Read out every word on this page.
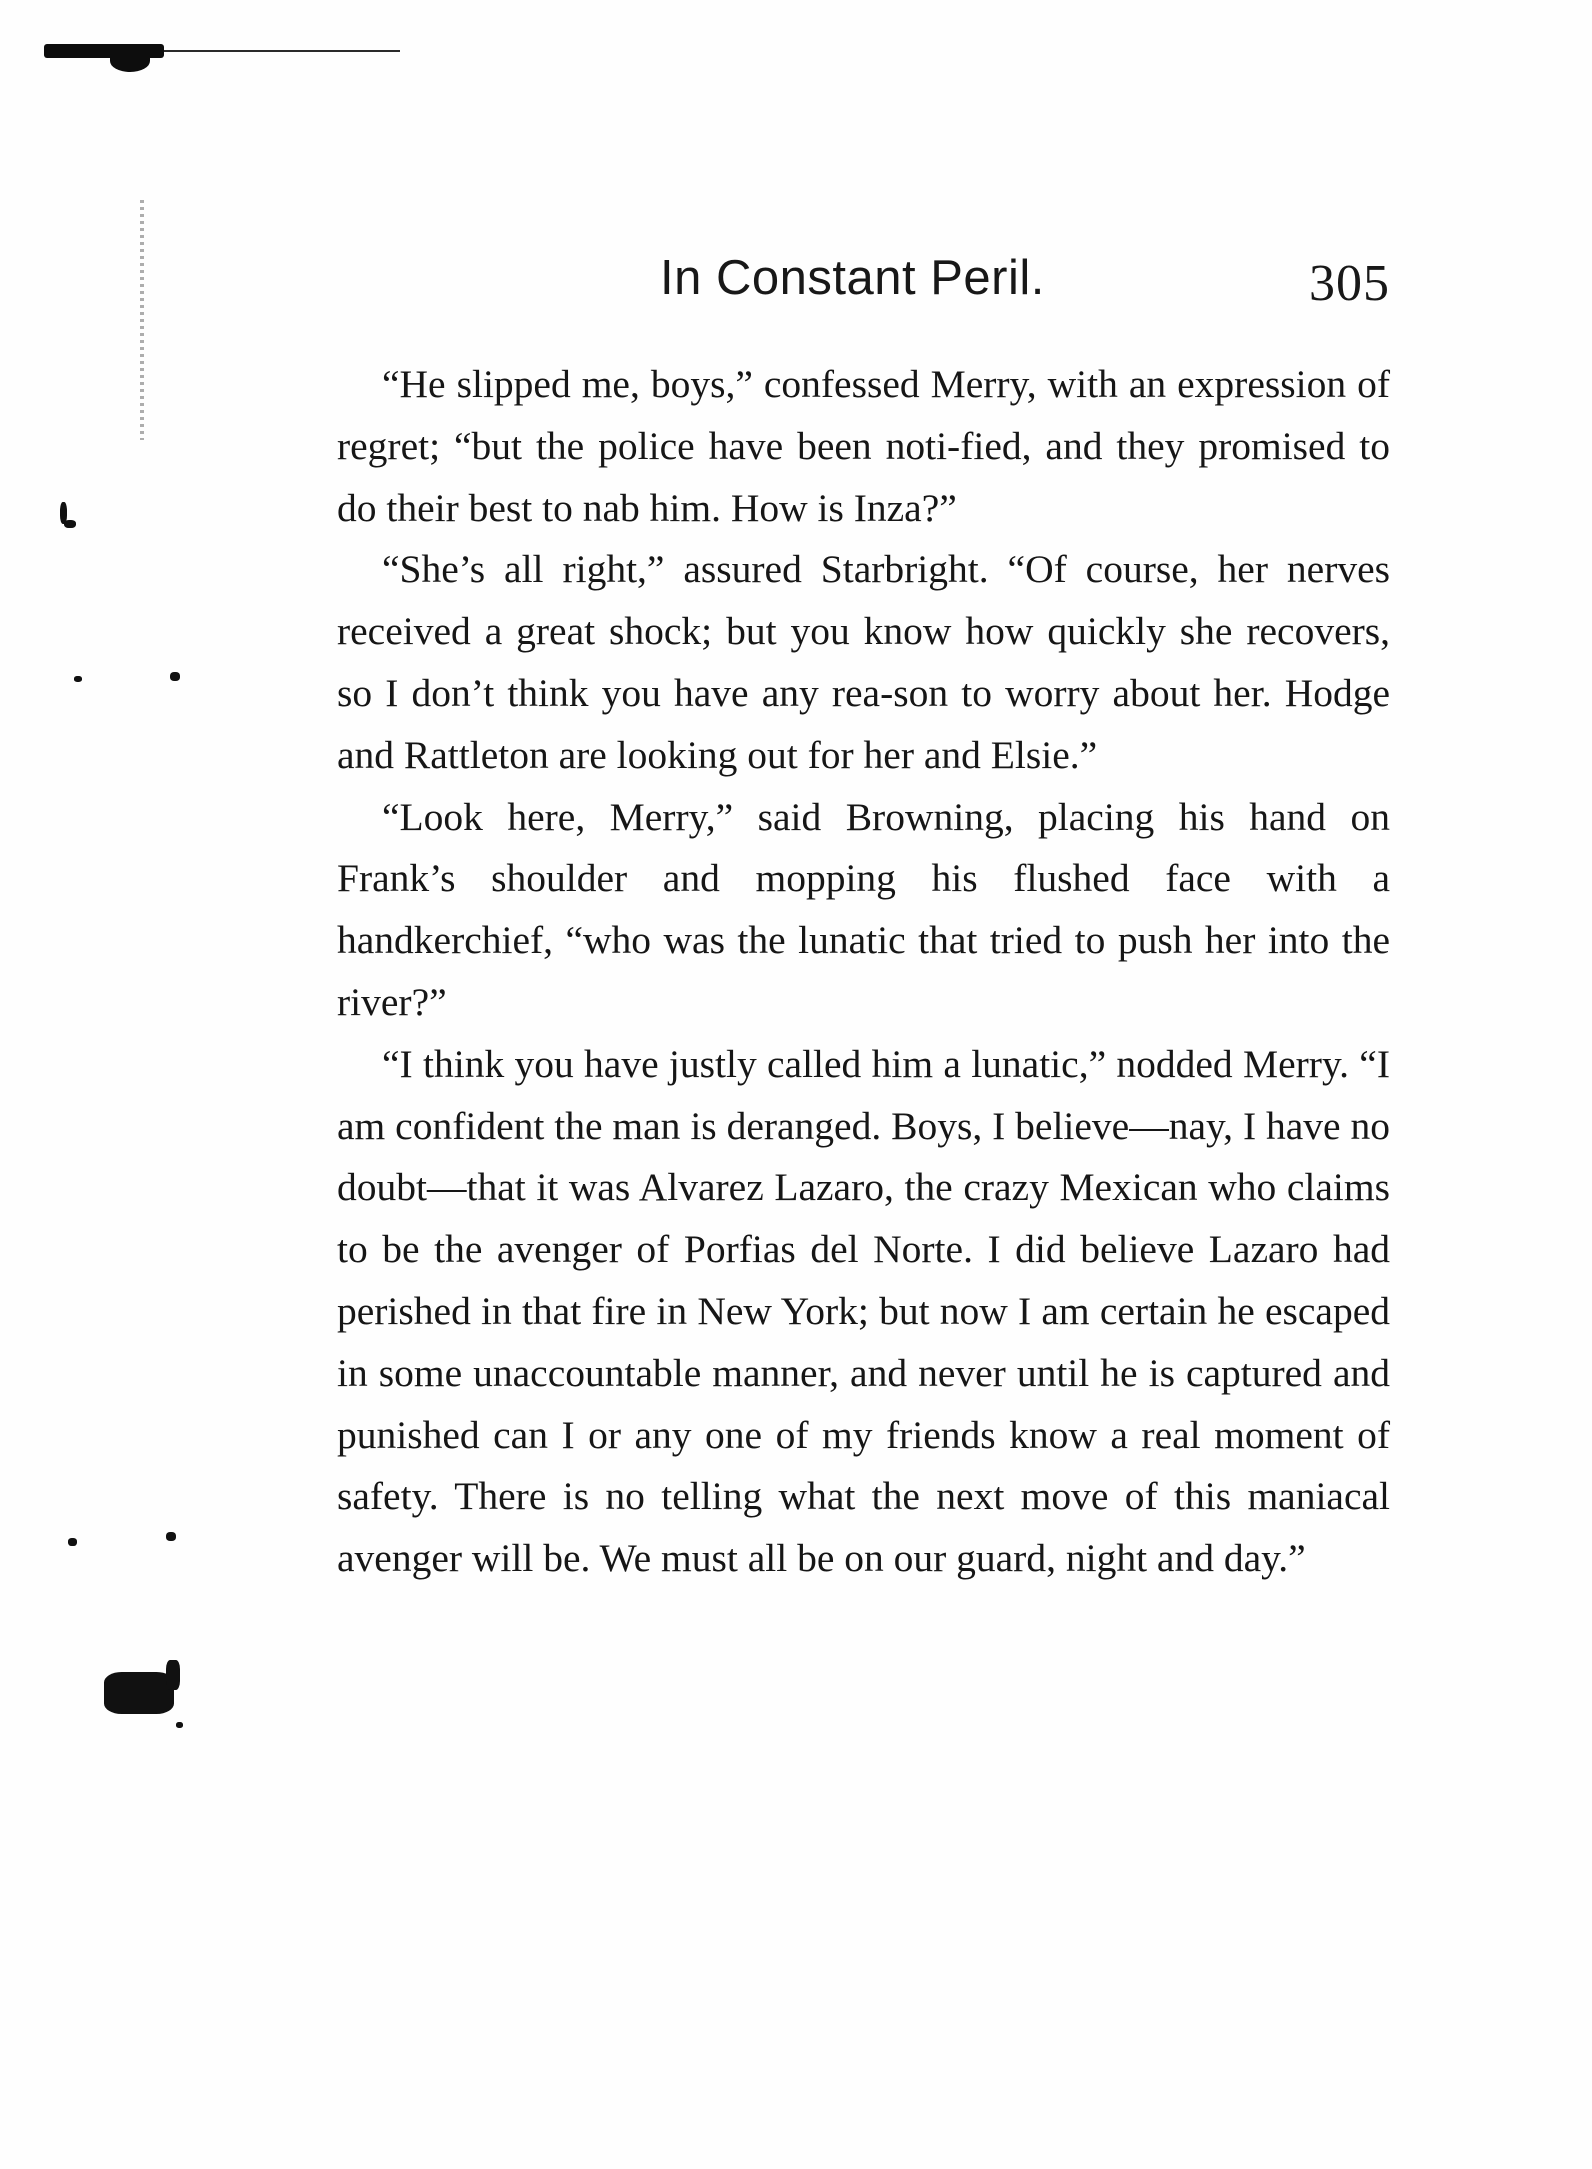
In Constant Peril.	305

“He slipped me, boys,” confessed Merry, with an expression of regret; “but the police have been noti-fied, and they promised to do their best to nab him. How is Inza?”

“She’s all right,” assured Starbright. “Of course, her nerves received a great shock; but you know how quickly she recovers, so I don’t think you have any rea-son to worry about her. Hodge and Rattleton are looking out for her and Elsie.”

“Look here, Merry,” said Browning, placing his hand on Frank’s shoulder and mopping his flushed face with a handkerchief, “who was the lunatic that tried to push her into the river?”

“I think you have justly called him a lunatic,” nodded Merry. “I am confident the man is deranged. Boys, I believe—nay, I have no doubt—that it was Alvarez Lazaro, the crazy Mexican who claims to be the avenger of Porfias del Norte. I did believe Lazaro had perished in that fire in New York; but now I am certain he escaped in some unaccountable manner, and never until he is captured and punished can I or any one of my friends know a real moment of safety. There is no telling what the next move of this maniacal avenger will be. We must all be on our guard, night and day.”
